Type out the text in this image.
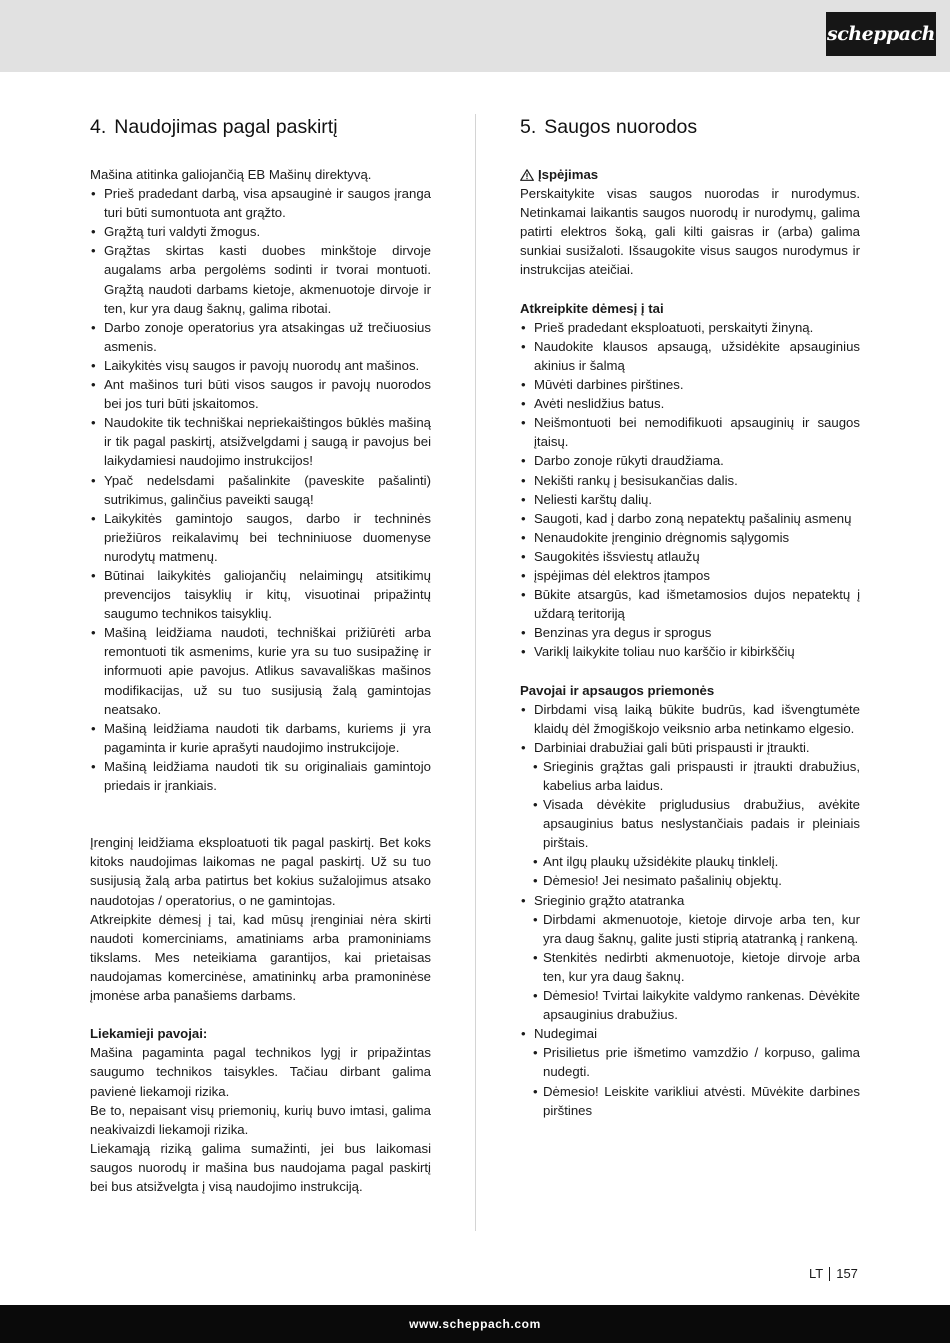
scheppach
4. Naudojimas pagal paskirtį
Mašina atitinka galiojančią EB Mašinų direktyvą.
• Prieš pradedant darbą, visa apsauginė ir saugos įranga turi būti sumontuota ant grąžto.
• Grąžtą turi valdyti žmogus.
• Grąžtas skirtas kasti duobes minkštoje dirvoje augalams arba pergolėms sodinti ir tvorai montuoti. Grąžtą naudoti darbams kietoje, akmenuotoje dirvoje ir ten, kur yra daug šaknų, galima ribotai.
• Darbo zonoje operatorius yra atsakingas už trečiuosius asmenis.
• Laikykitės visų saugos ir pavojų nuorodų ant mašinos.
• Ant mašinos turi būti visos saugos ir pavojų nuorodos bei jos turi būti įskaitomos.
• Naudokite tik techniškai nepriekaištingos būklės mašiną ir tik pagal paskirtį, atsižvelgdami į saugą ir pavojus bei laikydamiesi naudojimo instrukcijos!
• Ypač nedelsdami pašalinkite (paveskite pašalinti) sutrikimus, galinčius paveikti saugą!
• Laikykitės gamintojo saugos, darbo ir techninės priežiūros reikalavimų bei techniniuose duomenyse nurodytų matmenų.
• Būtinai laikykitės galiojančių nelaimingų atsitikimų prevencijos taisyklių ir kitų, visuotinai pripažintų saugumo technikos taisyklių.
• Mašiną leidžiama naudoti, techniškai prižiūrėti arba remontuoti tik asmenims, kurie yra su tuo susipažinę ir informuoti apie pavojus. Atlikus savavališkas mašinos modifikacijas, už su tuo susijusią žalą gamintojas neatsako.
• Mašiną leidžiama naudoti tik darbams, kuriems ji yra pagaminta ir kurie aprašyti naudojimo instrukcijoje.
• Mašiną leidžiama naudoti tik su originaliais gamintojo priedais ir įrankiais.
Įrenginį leidžiama eksploatuoti tik pagal paskirtį. Bet koks kitoks naudojimas laikomas ne pagal paskirtį. Už su tuo susijusią žalą arba patirtus bet kokius sužalojimus atsako naudotojas / operatorius, o ne gamintojas.
Atkreipkite dėmesį į tai, kad mūsų įrenginiai nėra skirti naudoti komerciniams, amatiniams arba pramoniniams tikslams. Mes neteikiama garantijos, kai prietaisas naudojamas komercinėse, amatininkų arba pramoninėse įmonėse arba panašiems darbams.
Liekamieji pavojai:
Mašina pagaminta pagal technikos lygį ir pripažintas saugumo technikos taisykles. Tačiau dirbant galima pavienė liekamoji rizika.
Be to, nepaisant visų priemonių, kurių buvo imtasi, galima neakivaizdi liekamoji rizika.
Liekamąją riziką galima sumažinti, jei bus laikomasi saugos nuorodų ir mašina bus naudojama pagal paskirtį bei bus atsižvelgta į visą naudojimo instrukciją.
5. Saugos nuorodos
Įspėjimas
Perskaitykite visas saugos nuorodas ir nurodymus. Netinkamai laikantis saugos nuorodų ir nurodymų, galima patirti elektros šoką, gali kilti gaisras ir (arba) galima sunkiai susižaloti. Išsaugokite visus saugos nurodymus ir instrukcijas ateičiai.
Atkreipkite dėmesį į tai
• Prieš pradedant eksploatuoti, perskaityti žinyną.
• Naudokite klausos apsaugą, užsidėkite apsauginius akinius ir šalmą
• Mūvėti darbines pirštines.
• Avėti neslidžius batus.
• Neišmontuoti bei nemodifikuoti apsauginių ir saugos įtaisų.
• Darbo zonoje rūkyti draudžiama.
• Nekišti rankų į besisukančias dalis.
• Neliesti karštų dalių.
• Saugoti, kad į darbo zoną nepatektų pašalinių asmenų
• Nenaudokite įrenginio drėgnomis sąlygomis
• Saugokitės išsviestų atlaužų
• įspėjimas dėl elektros įtampos
• Būkite atsargūs, kad išmetamosios dujos nepatektų į uždarą teritoriją
• Benzinas yra degus ir sprogus
• Variklį laikykite toliau nuo karščio ir kibirkščių
Pavojai ir apsaugos priemonės
• Dirbdami visą laiką būkite budrūs, kad išvengtumėte klaidų dėl žmogiškojo veiksnio arba netinkamo elgesio.
• Darbiniai drabužiai gali būti prispausti ir įtraukti.
• Srieginis grąžtas gali prispausti ir įtraukti drabužius, kabelius arba laidus.
• Visada dėvėkite prigludusius drabužius, avėkite apsauginius batus neslystančiais padais ir pleiniais pirštais.
• Ant ilgų plaukų užsidėkite plaukų tinklelį.
• Dėmesio! Jei nesimato pašalinių objektų.
• Srieginio grąžto atatranka
• Dirbdami akmenuotoje, kietoje dirvoje arba ten, kur yra daug šaknų, galite justi stiprią atatranką į rankeną.
• Stenkitės nedirbti akmenuotoje, kietoje dirvoje arba ten, kur yra daug šaknų.
• Dėmesio! Tvirtai laikykite valdymo rankenas. Dėvėkite apsauginius drabužius.
• Nudegimai
• Prisilietus prie išmetimo vamzdžio / korpuso, galima nudegti.
• Dėmesio! Leiskite varikliui atvėsti. Mūvėkite darbines pirštines
LT 157
www.scheppach.com
